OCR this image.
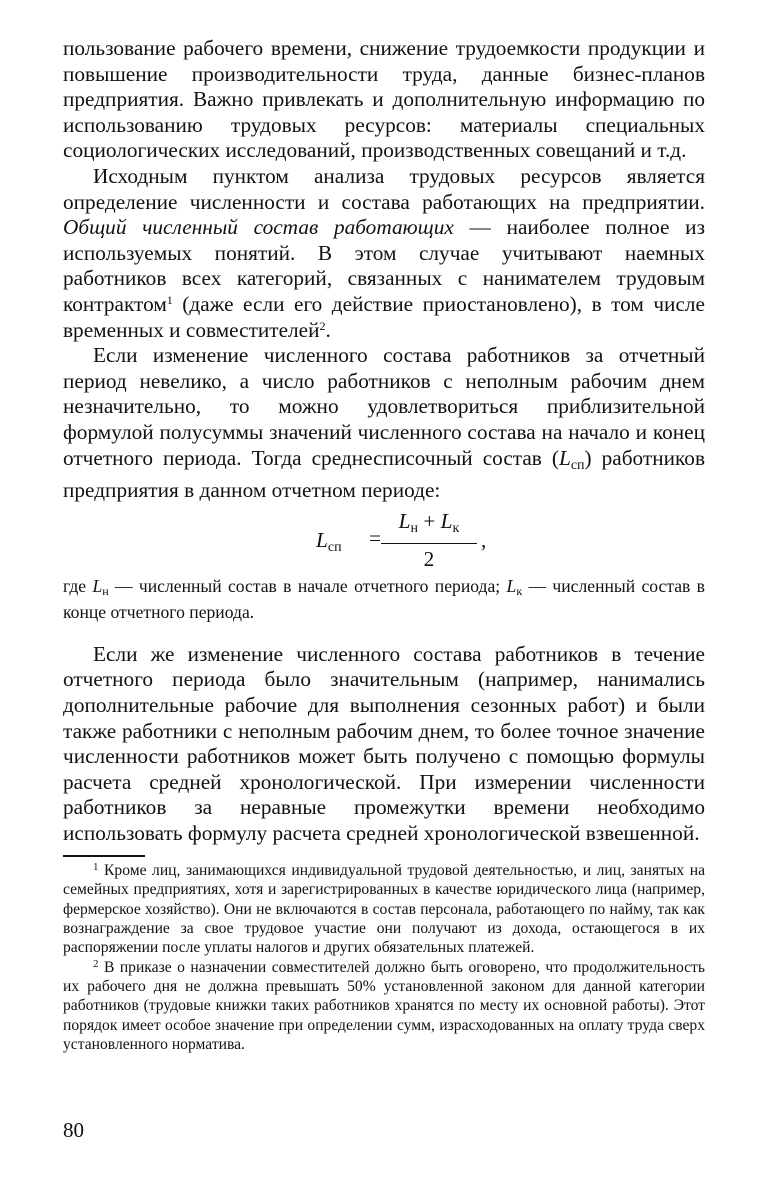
пользование рабочего времени, снижение трудоемкости продукции и повышение производительности труда, данные бизнес-планов предприятия. Важно привлекать и дополнительную информацию по использованию трудовых ресурсов: материалы специальных социологических исследований, производственных совещаний и т.д.

Исходным пунктом анализа трудовых ресурсов является определение численности и состава работающих на предприятии. Общий численный состав работающих — наиболее полное из используемых понятий. В этом случае учитывают наемных работников всех категорий, связанных с нанимателем трудовым контрактом$^1$ (даже если его действие приостановлено), в том числе временных и совместителей$^2$.

Если изменение численного состава работников за отчетный период невелико, а число работников с неполным рабочим днем незначительно, то можно удовлетвориться приблизительной формулой полусуммы значений численного состава на начало и конец отчетного периода. Тогда среднесписочный состав $(L_{сп})$ работников предприятия в данном отчетном периоде:

$L_{сп}$ =
$L_н + L_к$
2
,

где $L_н$ — численный состав в начале отчетного периода; $L_к$ — численный состав в конце отчетного периода.

Если же изменение численного состава работников в течение отчетного периода было значительным (например, нанимались дополнительные рабочие для выполнения сезонных работ) и были также работники с неполным рабочим днем, то более точное значение численности работников может быть получено с помощью формулы расчета средней хронологической. При измерении численности работников за неравные промежутки времени необходимо использовать формулу расчета средней хронологической взвешенной.

$^1$ Кроме лиц, занимающихся индивидуальной трудовой деятельностью, и лиц, занятых на семейных предприятиях, хотя и зарегистрированных в качестве юридического лица (например, фермерское хозяйство). Они не включаются в состав персонала, работающего по найму, так как вознаграждение за свое трудовое участие они получают из дохода, остающегося в их распоряжении после уплаты налогов и других обязательных платежей.

$^2$ В приказе о назначении совместителей должно быть оговорено, что продолжительность их рабочего дня не должна превышать 50% установленной законом для данной категории работников (трудовые книжки таких работников хранятся по месту их основной работы). Этот порядок имеет особое значение при определении сумм, израсходованных на оплату труда сверх установленного норматива.

80
